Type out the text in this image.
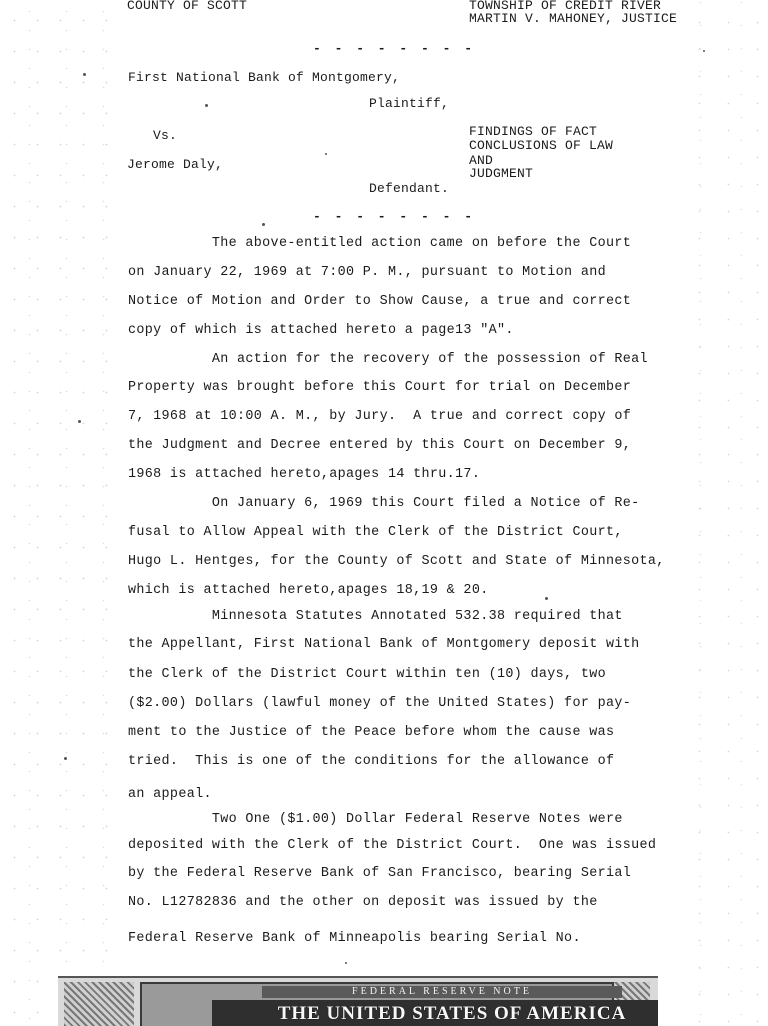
COUNTY OF SCOTT	TOWNSHIP OF CREDIT RIVER
MARTIN V. MAHONEY, JUSTICE
- - - - - - - -
First National Bank of Montgomery,
Plaintiff,
Vs.	FINDINGS OF FACT
CONCLUSIONS OF LAW
AND
JUDGMENT
Jerome Daly,
Defendant.
- - - - - - - -
The above-entitled action came on before the Court
on January 22, 1969 at 7:00 P. M., pursuant to Motion and
Notice of Motion and Order to Show Cause, a true and correct
copy of which is attached hereto a page13 "A".
An action for the recovery of the possession of Real
Property was brought before this Court for trial on December
7, 1968 at 10:00 A. M., by Jury.  A true and correct copy of
the Judgment and Decree entered by this Court on December 9,
1968 is attached hereto,apages 14 thru.17.
On January 6, 1969 this Court filed a Notice of Re-
fusal to Allow Appeal with the Clerk of the District Court,
Hugo L. Hentges, for the County of Scott and State of Minnesota,
which is attached hereto,apages 18,19 & 20.
Minnesota Statutes Annotated 532.38 required that
the Appellant, First National Bank of Montgomery deposit with
the Clerk of the District Court within ten (10) days, two
($2.00) Dollars (lawful money of the United States) for pay-
ment to the Justice of the Peace before whom the cause was
tried.  This is one of the conditions for the allowance of
an appeal.
Two One ($1.00) Dollar Federal Reserve Notes were
deposited with the Clerk of the District Court.  One was issued
by the Federal Reserve Bank of San Francisco, bearing Serial
No. L12782836 and the other on deposit was issued by the
Federal Reserve Bank of Minneapolis bearing Serial No.
FEDERAL RESERVE NOTE
THE UNITED STATES OF AMERICA
